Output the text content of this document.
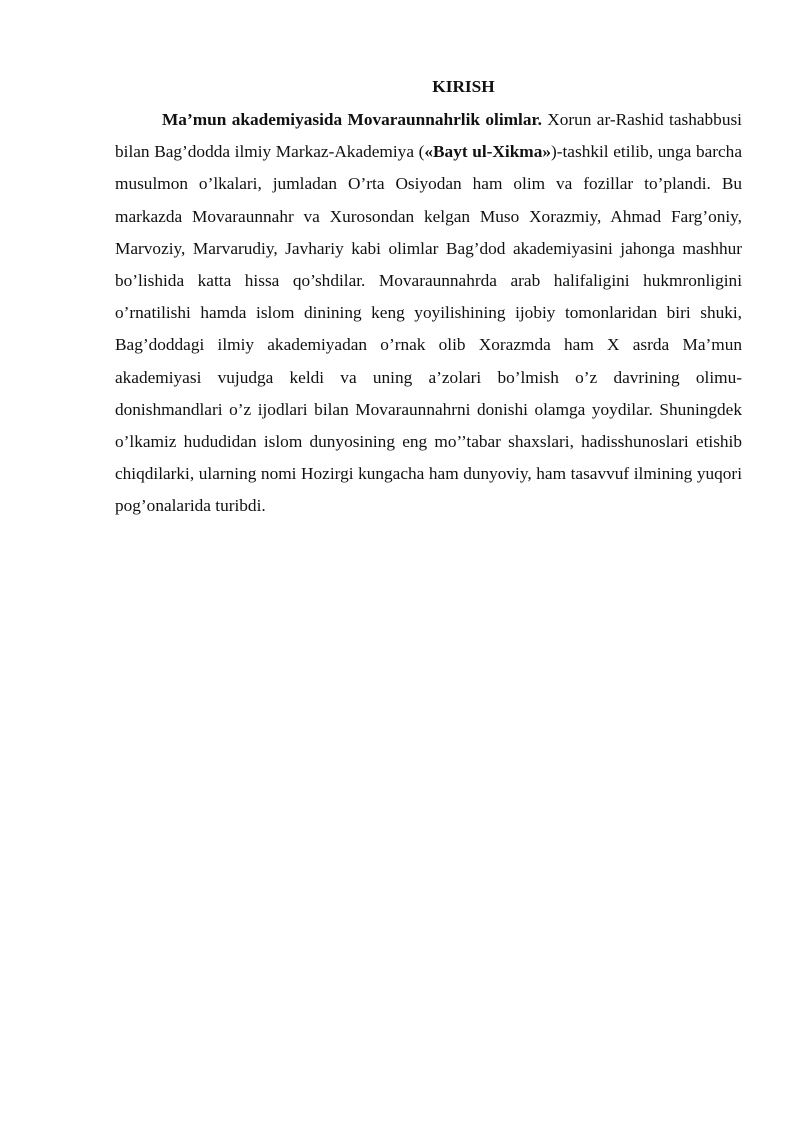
KIRISH

Ma’mun akademiyasida Movaraunnahrlik olimlar. Xorun ar-Rashid tashabbusi bilan Bag’dodda ilmiy Markaz-Akademiya («Bayt ul-Xikma»)-tashkil etilib, unga barcha musulmon o’lkalari, jumladan O’rta Osiyodan ham olim va fozillar to’plandi. Bu markazda Movaraunnahr va Xurosondan kelgan Muso Xorazmiy, Ahmad Farg’oniy, Marvoziy, Marvarudiy, Javhariy kabi olimlar Bag’dod akademiyasini jahonga mashhur bo’lishida katta hissa qo’shdilar. Movaraunnahrda arab halifaligini hukmronligini o’rnatilishi hamda islom dinining keng yoyilishining ijobiy tomonlaridan biri shuki, Bag’doddagi ilmiy akademiyadan o’rnak olib Xorazmda ham X asrda Ma’mun akademiyasi vujudga keldi va uning a’zolari bo’lmish o’z davrining olimu-donishmandlari o’z ijodlari bilan Movaraunnahrni donishi olamga yoydilar. Shuningdek o’lkamiz hududidan islom dunyosining eng mo’’tabar shaxslari, hadisshunoslari etishib chiqdilarki, ularning nomi Hozirgi kungacha ham dunyoviy, ham tasavvuf ilmining yuqori pog’onalarida turibdi.
